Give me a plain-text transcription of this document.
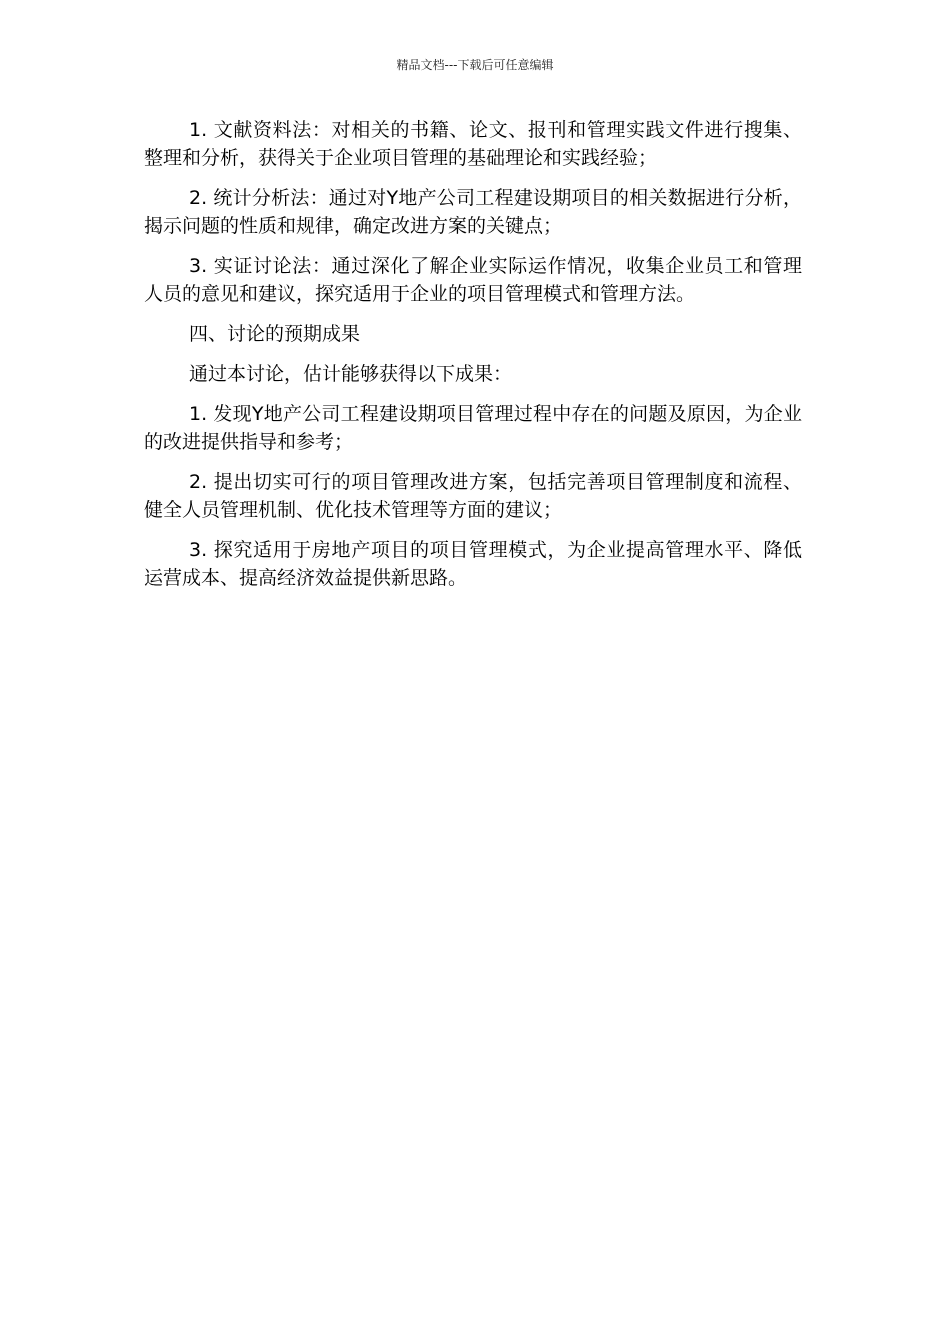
精品文档---下载后可任意编辑

1. 文献资料法：对相关的书籍、论文、报刊和管理实践文件进行搜集、整理和分析，获得关于企业项目管理的基础理论和实践经验；

2. 统计分析法：通过对Y地产公司工程建设期项目的相关数据进行分析，揭示问题的性质和规律，确定改进方案的关键点；

3. 实证讨论法：通过深化了解企业实际运作情况，收集企业员工和管理人员的意见和建议，探究适用于企业的项目管理模式和管理方法。

四、讨论的预期成果

通过本讨论，估计能够获得以下成果：

1. 发现Y地产公司工程建设期项目管理过程中存在的问题及原因，为企业的改进提供指导和参考；

2. 提出切实可行的项目管理改进方案，包括完善项目管理制度和流程、健全人员管理机制、优化技术管理等方面的建议；

3. 探究适用于房地产项目的项目管理模式，为企业提高管理水平、降低运营成本、提高经济效益提供新思路。
